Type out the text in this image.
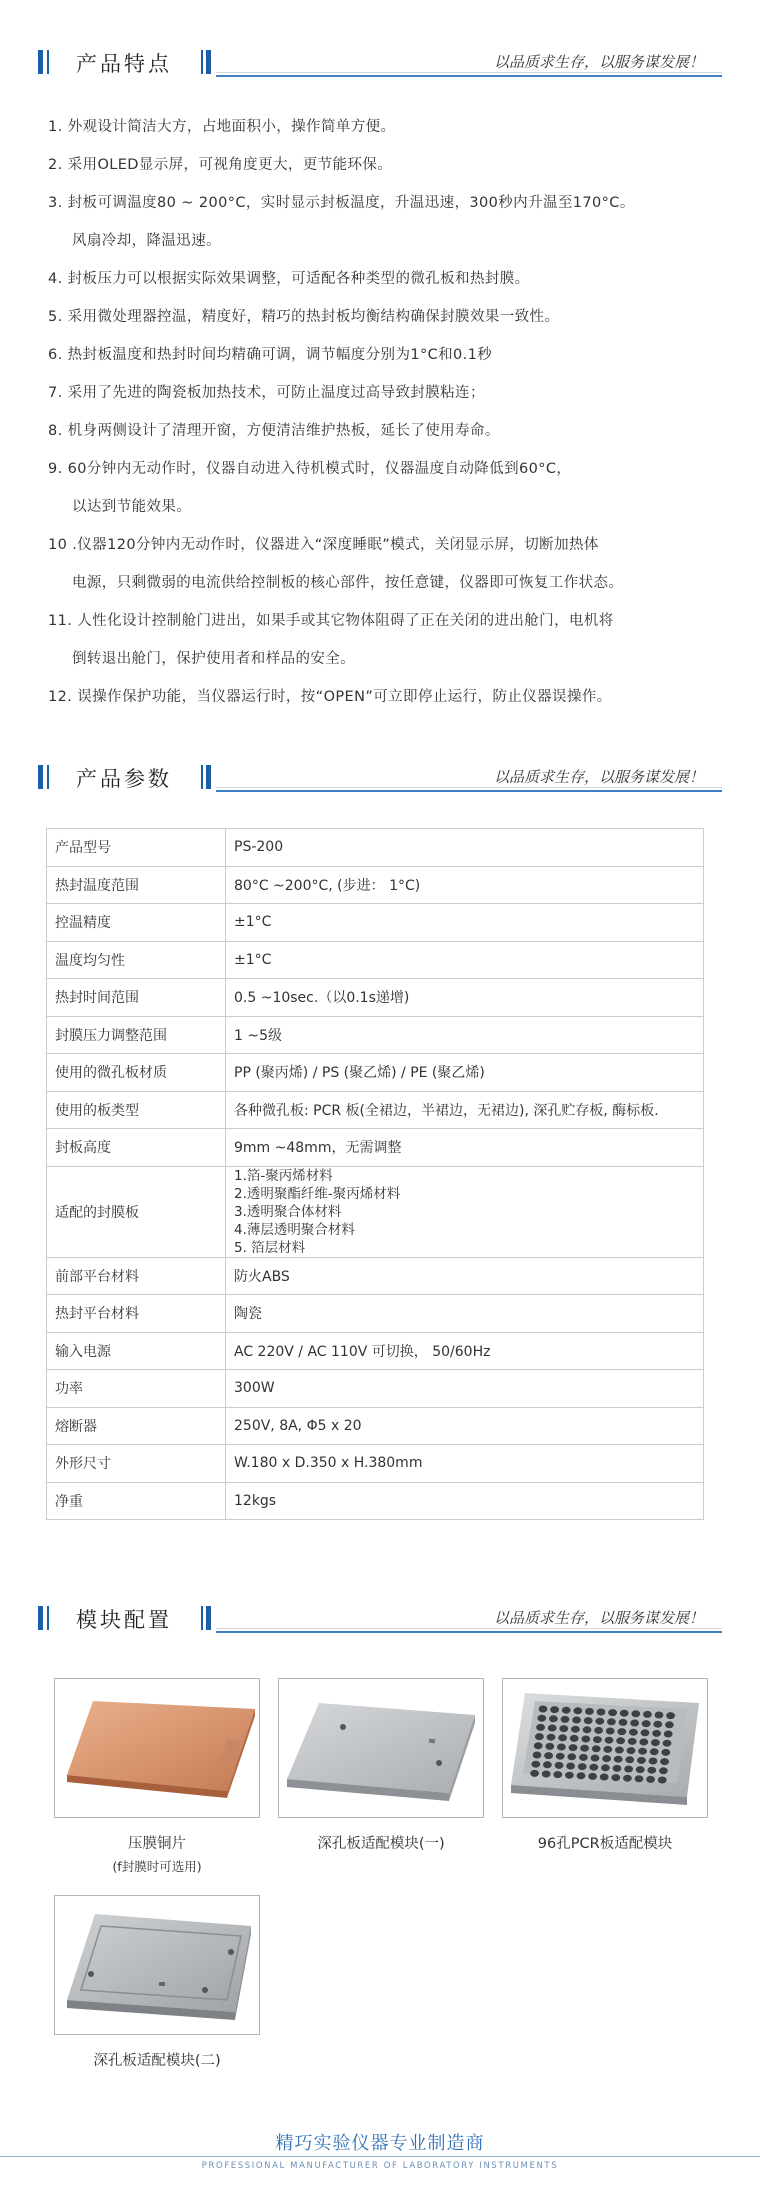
产品特点	以品质求生存，以服务谋发展！
1. 外观设计简洁大方，占地面积小，操作简单方便。
2. 采用OLED显示屏，可视角度更大，更节能环保。
3. 封板可调温度80 ~ 200°C，实时显示封板温度，升温迅速，300秒内升温至170°C。
风扇冷却，降温迅速。
4. 封板压力可以根据实际效果调整，可适配各种类型的微孔板和热封膜。
5. 采用微处理器控温，精度好，精巧的热封板均衡结构确保封膜效果一致性。
6. 热封板温度和热封时间均精确可调，调节幅度分别为1°C和0.1秒
7. 采用了先进的陶瓷板加热技术，可防止温度过高导致封膜粘连；
8. 机身两侧设计了清理开窗，方便清洁维护热板，延长了使用寿命。
9. 60分钟内无动作时，仪器自动进入待机模式时，仪器温度自动降低到60°C，
以达到节能效果。
10 .仪器120分钟内无动作时，仪器进入“深度睡眠”模式，关闭显示屏，切断加热体
电源，只剩微弱的电流供给控制板的核心部件，按任意键，仪器即可恢复工作状态。
11. 人性化设计控制舱门进出，如果手或其它物体阻碍了正在关闭的进出舱门，电机将
倒转退出舱门，保护使用者和样品的安全。
12. 误操作保护功能，当仪器运行时，按“OPEN”可立即停止运行，防止仪器误操作。
产品参数	以品质求生存，以服务谋发展！
产品型号	PS-200
热封温度范围	80°C ~200°C, (步进： 1°C)
控温精度	±1°C
温度均匀性	±1°C
热封时间范围	0.5 ~10sec.（以0.1s递增)
封膜压力调整范围	1 ~5级
使用的微孔板材质	PP (聚丙烯) / PS (聚乙烯) / PE (聚乙烯)
使用的板类型	各种微孔板: PCR 板(全裙边，半裙边，无裙边), 深孔贮存板, 酶标板.
封板高度	9mm ~48mm，无需调整
适配的封膜板	1.箔-聚丙烯材料
2.透明聚酯纤维-聚丙烯材料
3.透明聚合体材料
4.薄层透明聚合材料
5. 箔层材料

前部平台材料	防火ABS
热封平台材料	陶瓷
输入电源	AC 220V / AC 110V 可切换， 50/60Hz
功率	300W
熔断器	250V, 8A, Φ5 x 20
外形尺寸	W.180 x D.350 x H.380mm
净重	12kgs
模块配置	以品质求生存，以服务谋发展！
压膜铜片
(f封膜时可选用)
深孔板适配模块(一)	96孔PCR板适配模块
深孔板适配模块(二)
精巧实验仪器专业制造商
PROFESSIONAL MANUFACTURER OF LABORATORY INSTRUMENTS
